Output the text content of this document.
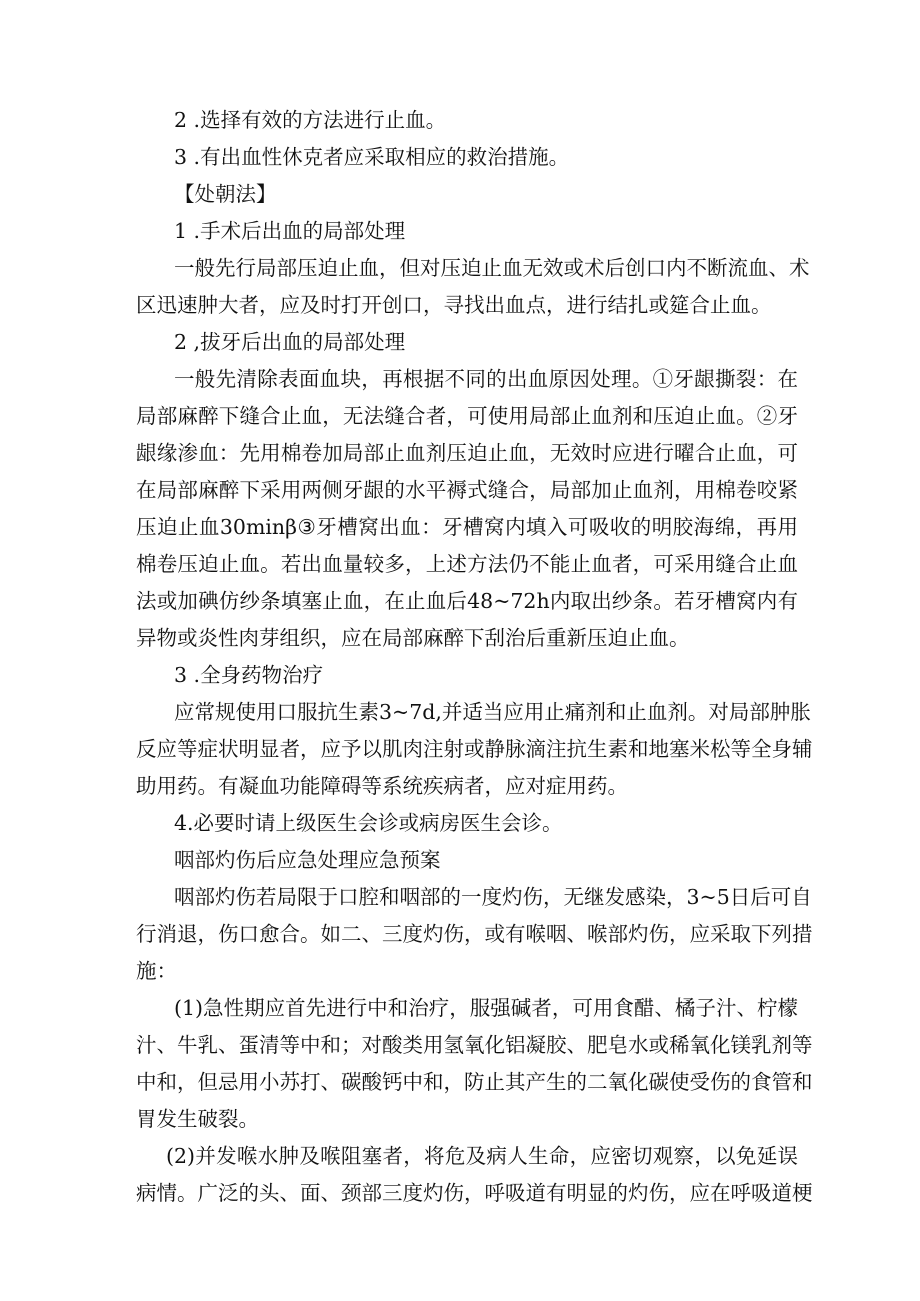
2 .选择有效的方法进行止血。
3 .有出血性休克者应采取相应的救治措施。
【处朝法】
1 .手术后出血的局部处理
一般先行局部压迫止血，但对压迫止血无效或术后创口内不断流血、术
区迅速肿大者，应及时打开创口，寻找出血点，进行结扎或筵合止血。
2 ,拔牙后出血的局部处理
一般先清除表面血块，再根据不同的出血原因处理。①牙龈撕裂：在
局部麻醉下缝合止血，无法缝合者，可使用局部止血剂和压迫止血。②牙
龈缘渗血：先用棉卷加局部止血剂压迫止血，无效时应进行曜合止血，可
在局部麻醉下采用两侧牙龈的水平褥式缝合，局部加止血剂，用棉卷咬紧
压迫止血30minβ③牙槽窝出血：牙槽窝内填入可吸收的明胶海绵，再用
棉卷压迫止血。若出血量较多，上述方法仍不能止血者，可采用缝合止血
法或加碘仿纱条填塞止血，在止血后48~72h内取出纱条。若牙槽窝内有
异物或炎性肉芽组织，应在局部麻醉下刮治后重新压迫止血。
3 .全身药物治疗
应常规使用口服抗生素3~7d,并适当应用止痛剂和止血剂。对局部肿胀
反应等症状明显者，应予以肌肉注射或静脉滴注抗生素和地塞米松等全身辅
助用药。有凝血功能障碍等系统疾病者，应对症用药。
4.必要时请上级医生会诊或病房医生会诊。
咽部灼伤后应急处理应急预案
咽部灼伤若局限于口腔和咽部的一度灼伤，无继发感染，3~5日后可自
行消退，伤口愈合。如二、三度灼伤，或有喉咽、喉部灼伤，应采取下列措
施：
(1)急性期应首先进行中和治疗，服强碱者，可用食醋、橘子汁、柠檬
汁、牛乳、蛋清等中和；对酸类用氢氧化铝凝胶、肥皂水或稀氧化镁乳剂等
中和，但忌用小苏打、碳酸钙中和，防止其产生的二氧化碳使受伤的食管和
胃发生破裂。
(2)并发喉水肿及喉阻塞者，将危及病人生命，应密切观察，以免延误
病情。广泛的头、面、颈部三度灼伤，呼吸道有明显的灼伤，应在呼吸道梗
